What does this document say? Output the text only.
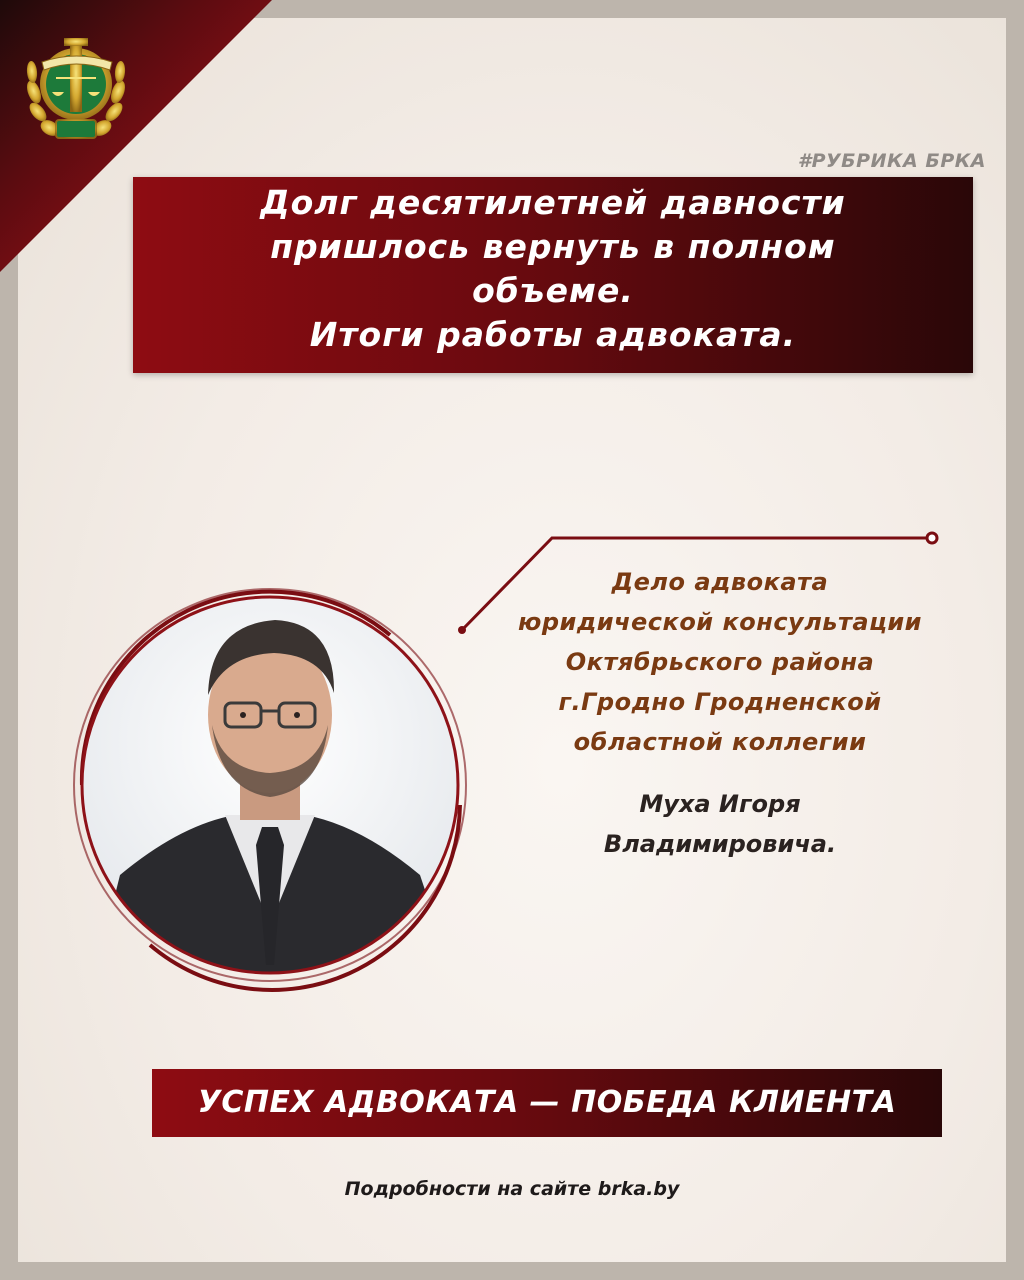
#РУБРИКА БРКА
Долг десятилетней давности
пришлось вернуть в полном
объеме.
Итоги работы адвоката.
Дело адвоката
юридической консультации
Октябрьского района
г.Гродно Гродненской
областной коллегии
Муха Игоря
Владимировича.
УСПЕХ АДВОКАТА — ПОБЕДА КЛИЕНТА
Подробности на сайте brka.by
